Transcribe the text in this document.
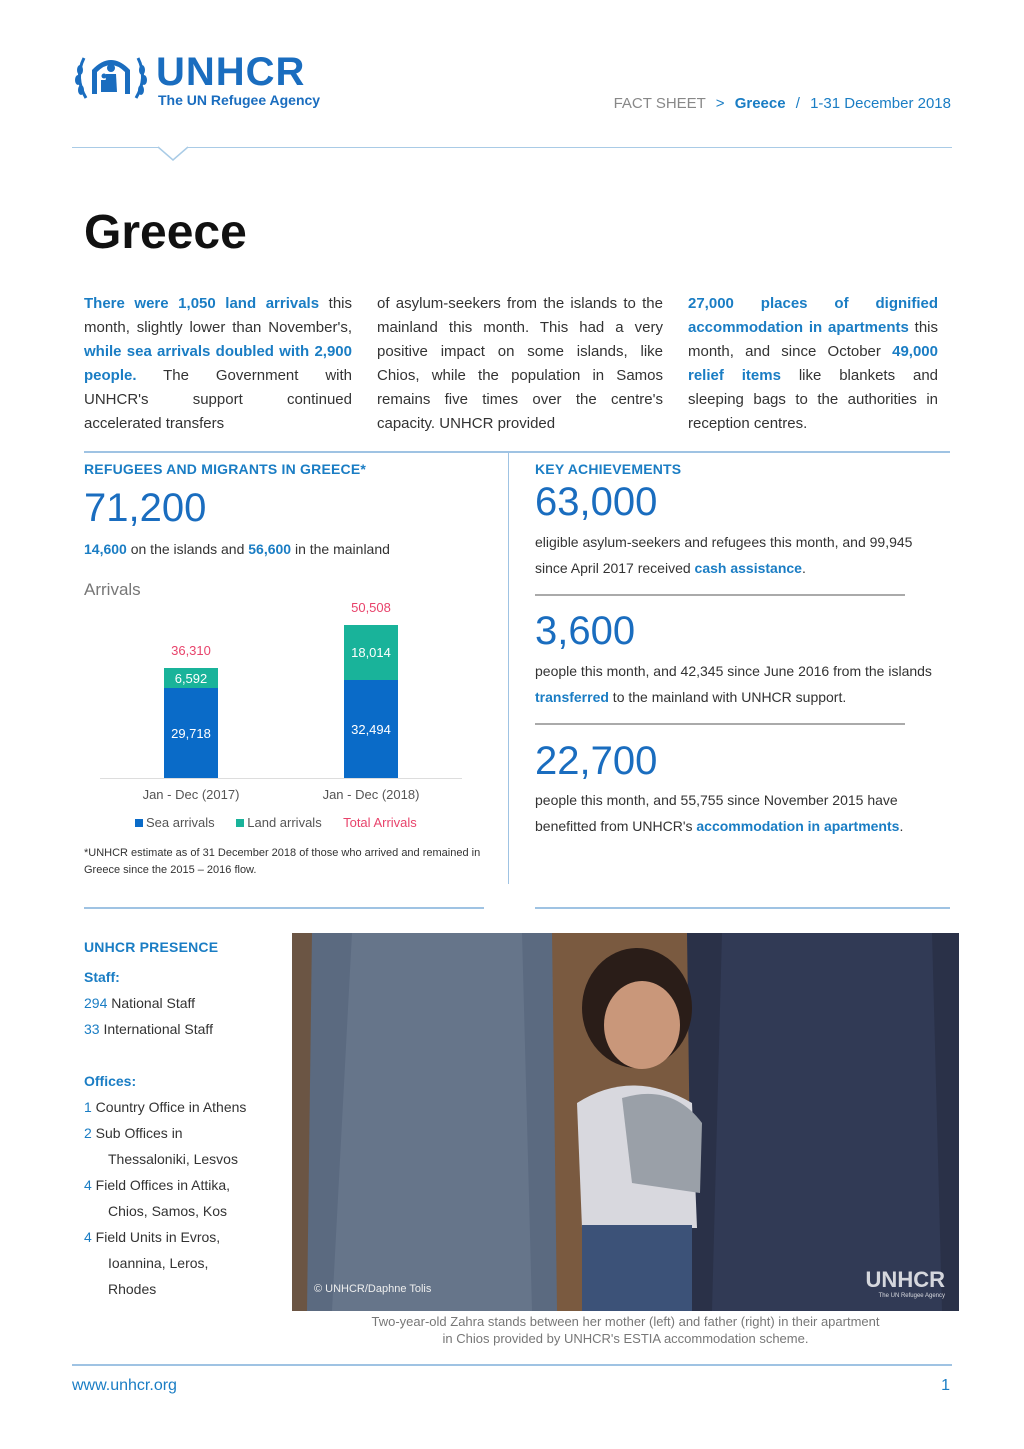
UNHCR
The UN Refugee Agency	FACT SHEET > Greece / 1-31 December 2018
Greece

There were 1,050 land arrivals this month, slightly lower than November's, while sea arrivals doubled with 2,900 people. The Government with UNHCR's support continued accelerated transfers

of asylum-seekers from the islands to the mainland this month. This had a very positive impact on some islands, like Chios, while the population in Samos remains five times over the centre's capacity. UNHCR provided

27,000 places of dignified accommodation in apartments this month, and since October 49,000 relief items like blankets and sleeping bags to the authorities in reception centres.

REFUGEES AND MIGRANTS IN GREECE*
71,200
14,600 on the islands and 56,600 in the mainland
Arrivals
36,310
6,592
29,718
50,508
18,014
32,494
Jan - Dec (2017)	Jan - Dec (2018)
Sea arrivals	Land arrivals Total Arrivals
*UNHCR estimate as of 31 December 2018 of those who arrived and remained in Greece since the 2015 – 2016 flow.
KEY ACHIEVEMENTS
63,000
eligible asylum-seekers and refugees this month, and 99,945 since April 2017 received cash assistance.
3,600
people this month, and 42,345 since June 2016 from the islands transferred to the mainland with UNHCR support.
22,700
people this month, and 55,755 since November 2015 have benefitted from UNHCR's accommodation in apartments.
UNHCR PRESENCE
Staff:
294 National Staff
33 International Staff
Offices:
1 Country Office in Athens
2 Sub Offices in
Thessaloniki, Lesvos
4 Field Offices in Attika,
Chios, Samos, Kos
4 Field Units in Evros,
Ioannina, Leros,
Rhodes	© UNHCR/Daphne Tolis	UNHCR
The UN Refugee Agency
Two-year-old Zahra stands between her mother (left) and father (right) in their apartment
in Chios provided by UNHCR's ESTIA accommodation scheme.
www.unhcr.org	1
